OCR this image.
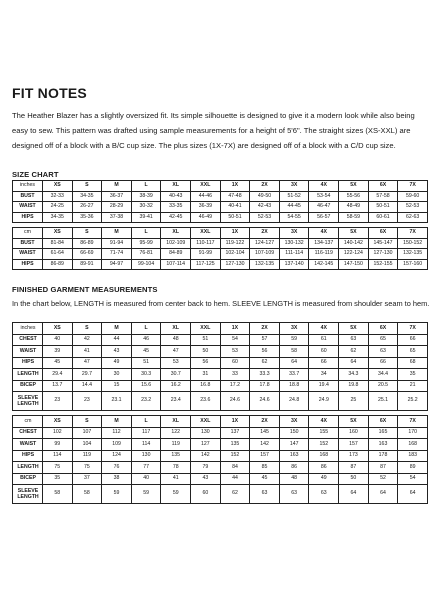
FIT NOTES

The Heather Blazer has a slightly oversized fit. Its simple silhouette is designed to give it a modern look while also being easy to sew. This pattern was drafted using sample measurements for a height of 5'6". The straight sizes (XS-XXL) are designed off of a block with a B/C cup size. The plus sizes (1X-7X) are designed off of a block with a C/D cup size.

SIZE CHART

inches	XS	S	M	L	XL	XXL	1X	2X	3X	4X	5X	6X	7X
BUST	32-33	34-35	36-37	38-39	40-43	44-46	47-48	49-50	51-52	53-54	55-56	57-58	59-60
WAIST	24-25	26-27	28-29	30-32	33-35	36-39	40-41	42-43	44-45	46-47	48-49	50-51	52-53
HIPS	34-35	35-36	37-38	39-41	42-45	46-49	50-51	52-53	54-55	56-57	58-59	60-61	62-63
cm	XS	S	M	L	XL	XXL	1X	2X	3X	4X	5X	6X	7X
BUST	81-84	86-89	91-94	95-99	102-109	110-117	119-122	124-127	130-132	134-137	140-142	145-147	150-152
WAIST	61-64	66-69	71-74	76-81	84-89	91-99	102-104	107-109	111-114	116-119	122-124	127-130	132-135
HIPS	86-89	89-91	94-97	99-104	107-114	117-125	127-130	132-135	137-140	142-145	147-150	152-155	157-160

FINISHED GARMENT MEASUREMENTS

In the chart below, LENGTH is measured from center back to hem. SLEEVE LENGTH is measured from shoulder seam to hem.

inches	XS	S	M	L	XL	XXL	1X	2X	3X	4X	5X	6X	7X
CHEST	40	42	44	46	48	51	54	57	59	61	63	65	66
WAIST	39	41	43	45	47	50	53	56	58	60	62	63	65
HIPS	45	47	49	51	53	56	60	62	64	66	64	66	68
LENGTH	29.4	29.7	30	30.3	30.7	31	33	33.3	33.7	34	34.3	34.4	35
BICEP	13.7	14.4	15	15.6	16.2	16.8	17.2	17.8	18.8	19.4	19.8	20.5	21
SLEEVE LENGTH	23	23	23.1	23.2	23.4	23.6	24.6	24.6	24.8	24.9	25	25.1	25.2
cm	XS	S	M	L	XL	XXL	1X	2X	3X	4X	5X	6X	7X
CHEST	102	107	112	117	122	130	137	145	150	155	160	165	170
WAIST	99	104	109	114	119	127	135	142	147	152	157	163	168
HIPS	114	119	124	130	135	142	152	157	163	168	173	178	183
LENGTH	75	75	76	77	78	79	84	85	86	86	87	87	89
BICEP	35	37	38	40	41	43	44	45	48	49	50	52	54
SLEEVE LENGTH	58	58	59	59	59	60	62	63	63	63	64	64	64
